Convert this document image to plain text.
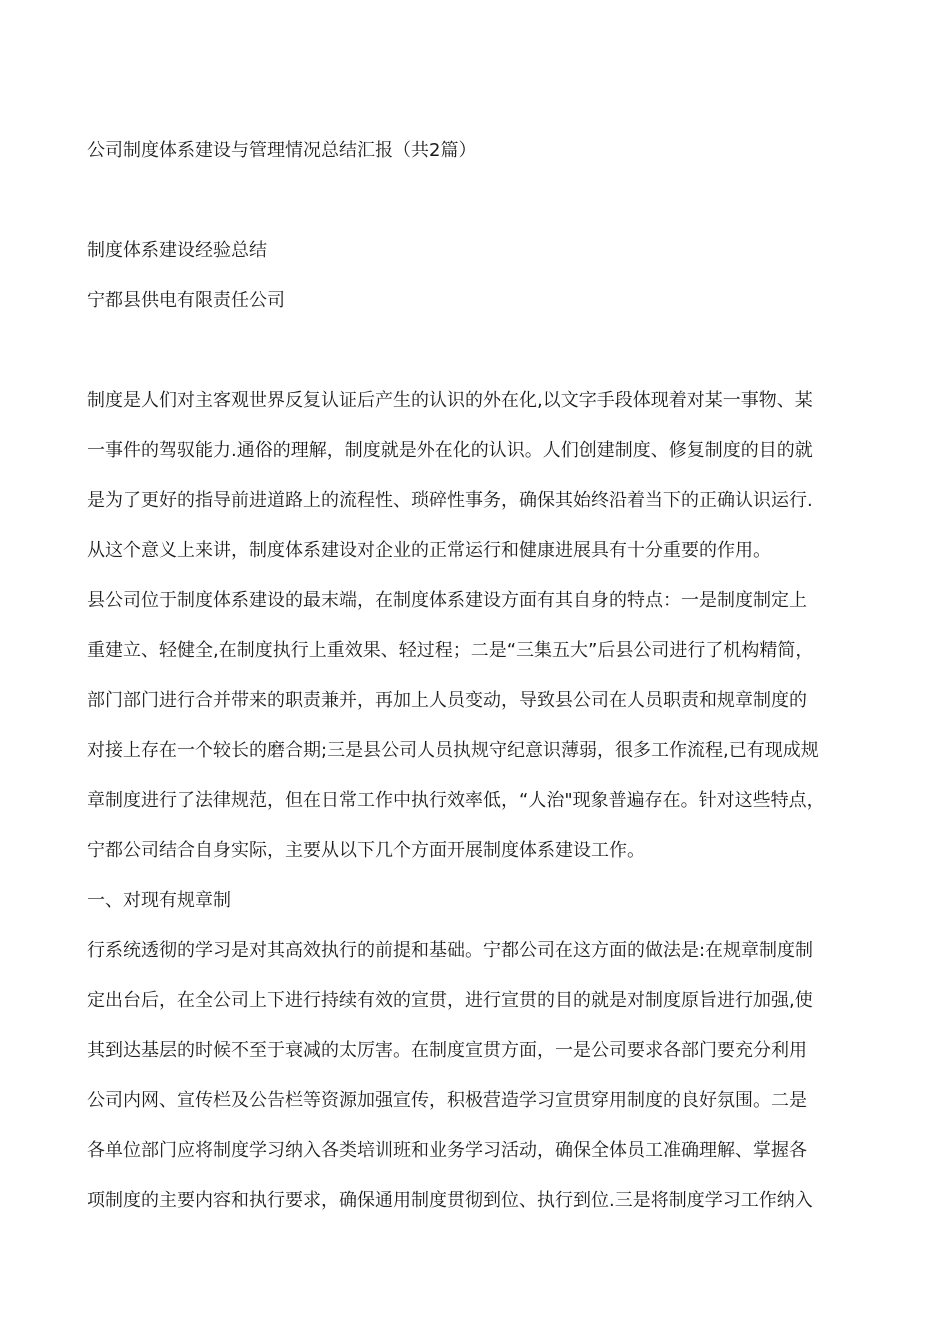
公司制度体系建设与管理情况总结汇报（共2篇）
制度体系建设经验总结
宁都县供电有限责任公司
制度是人们对主客观世界反复认证后产生的认识的外在化,以文字手段体现着对某一事物、某
一事件的驾驭能力.通俗的理解，制度就是外在化的认识。人们创建制度、修复制度的目的就
是为了更好的指导前进道路上的流程性、琐碎性事务，确保其始终沿着当下的正确认识运行.
从这个意义上来讲，制度体系建设对企业的正常运行和健康进展具有十分重要的作用。
县公司位于制度体系建设的最末端，在制度体系建设方面有其自身的特点：一是制度制定上
重建立、轻健全,在制度执行上重效果、轻过程；二是“三集五大”后县公司进行了机构精简，
部门部门进行合并带来的职责兼并，再加上人员变动，导致县公司在人员职责和规章制度的
对接上存在一个较长的磨合期;三是县公司人员执规守纪意识薄弱，很多工作流程,已有现成规
章制度进行了法律规范，但在日常工作中执行效率低，“人治"现象普遍存在。针对这些特点，
宁都公司结合自身实际，主要从以下几个方面开展制度体系建设工作。
一、对现有规章制
行系统透彻的学习是对其高效执行的前提和基础。宁都公司在这方面的做法是:在规章制度制
定出台后，在全公司上下进行持续有效的宣贯，进行宣贯的目的就是对制度原旨进行加强,使
其到达基层的时候不至于衰减的太厉害。在制度宣贯方面，一是公司要求各部门要充分利用
公司内网、宣传栏及公告栏等资源加强宣传，积极营造学习宣贯穿用制度的良好氛围。二是
各单位部门应将制度学习纳入各类培训班和业务学习活动，确保全体员工准确理解、掌握各
项制度的主要内容和执行要求，确保通用制度贯彻到位、执行到位.三是将制度学习工作纳入
